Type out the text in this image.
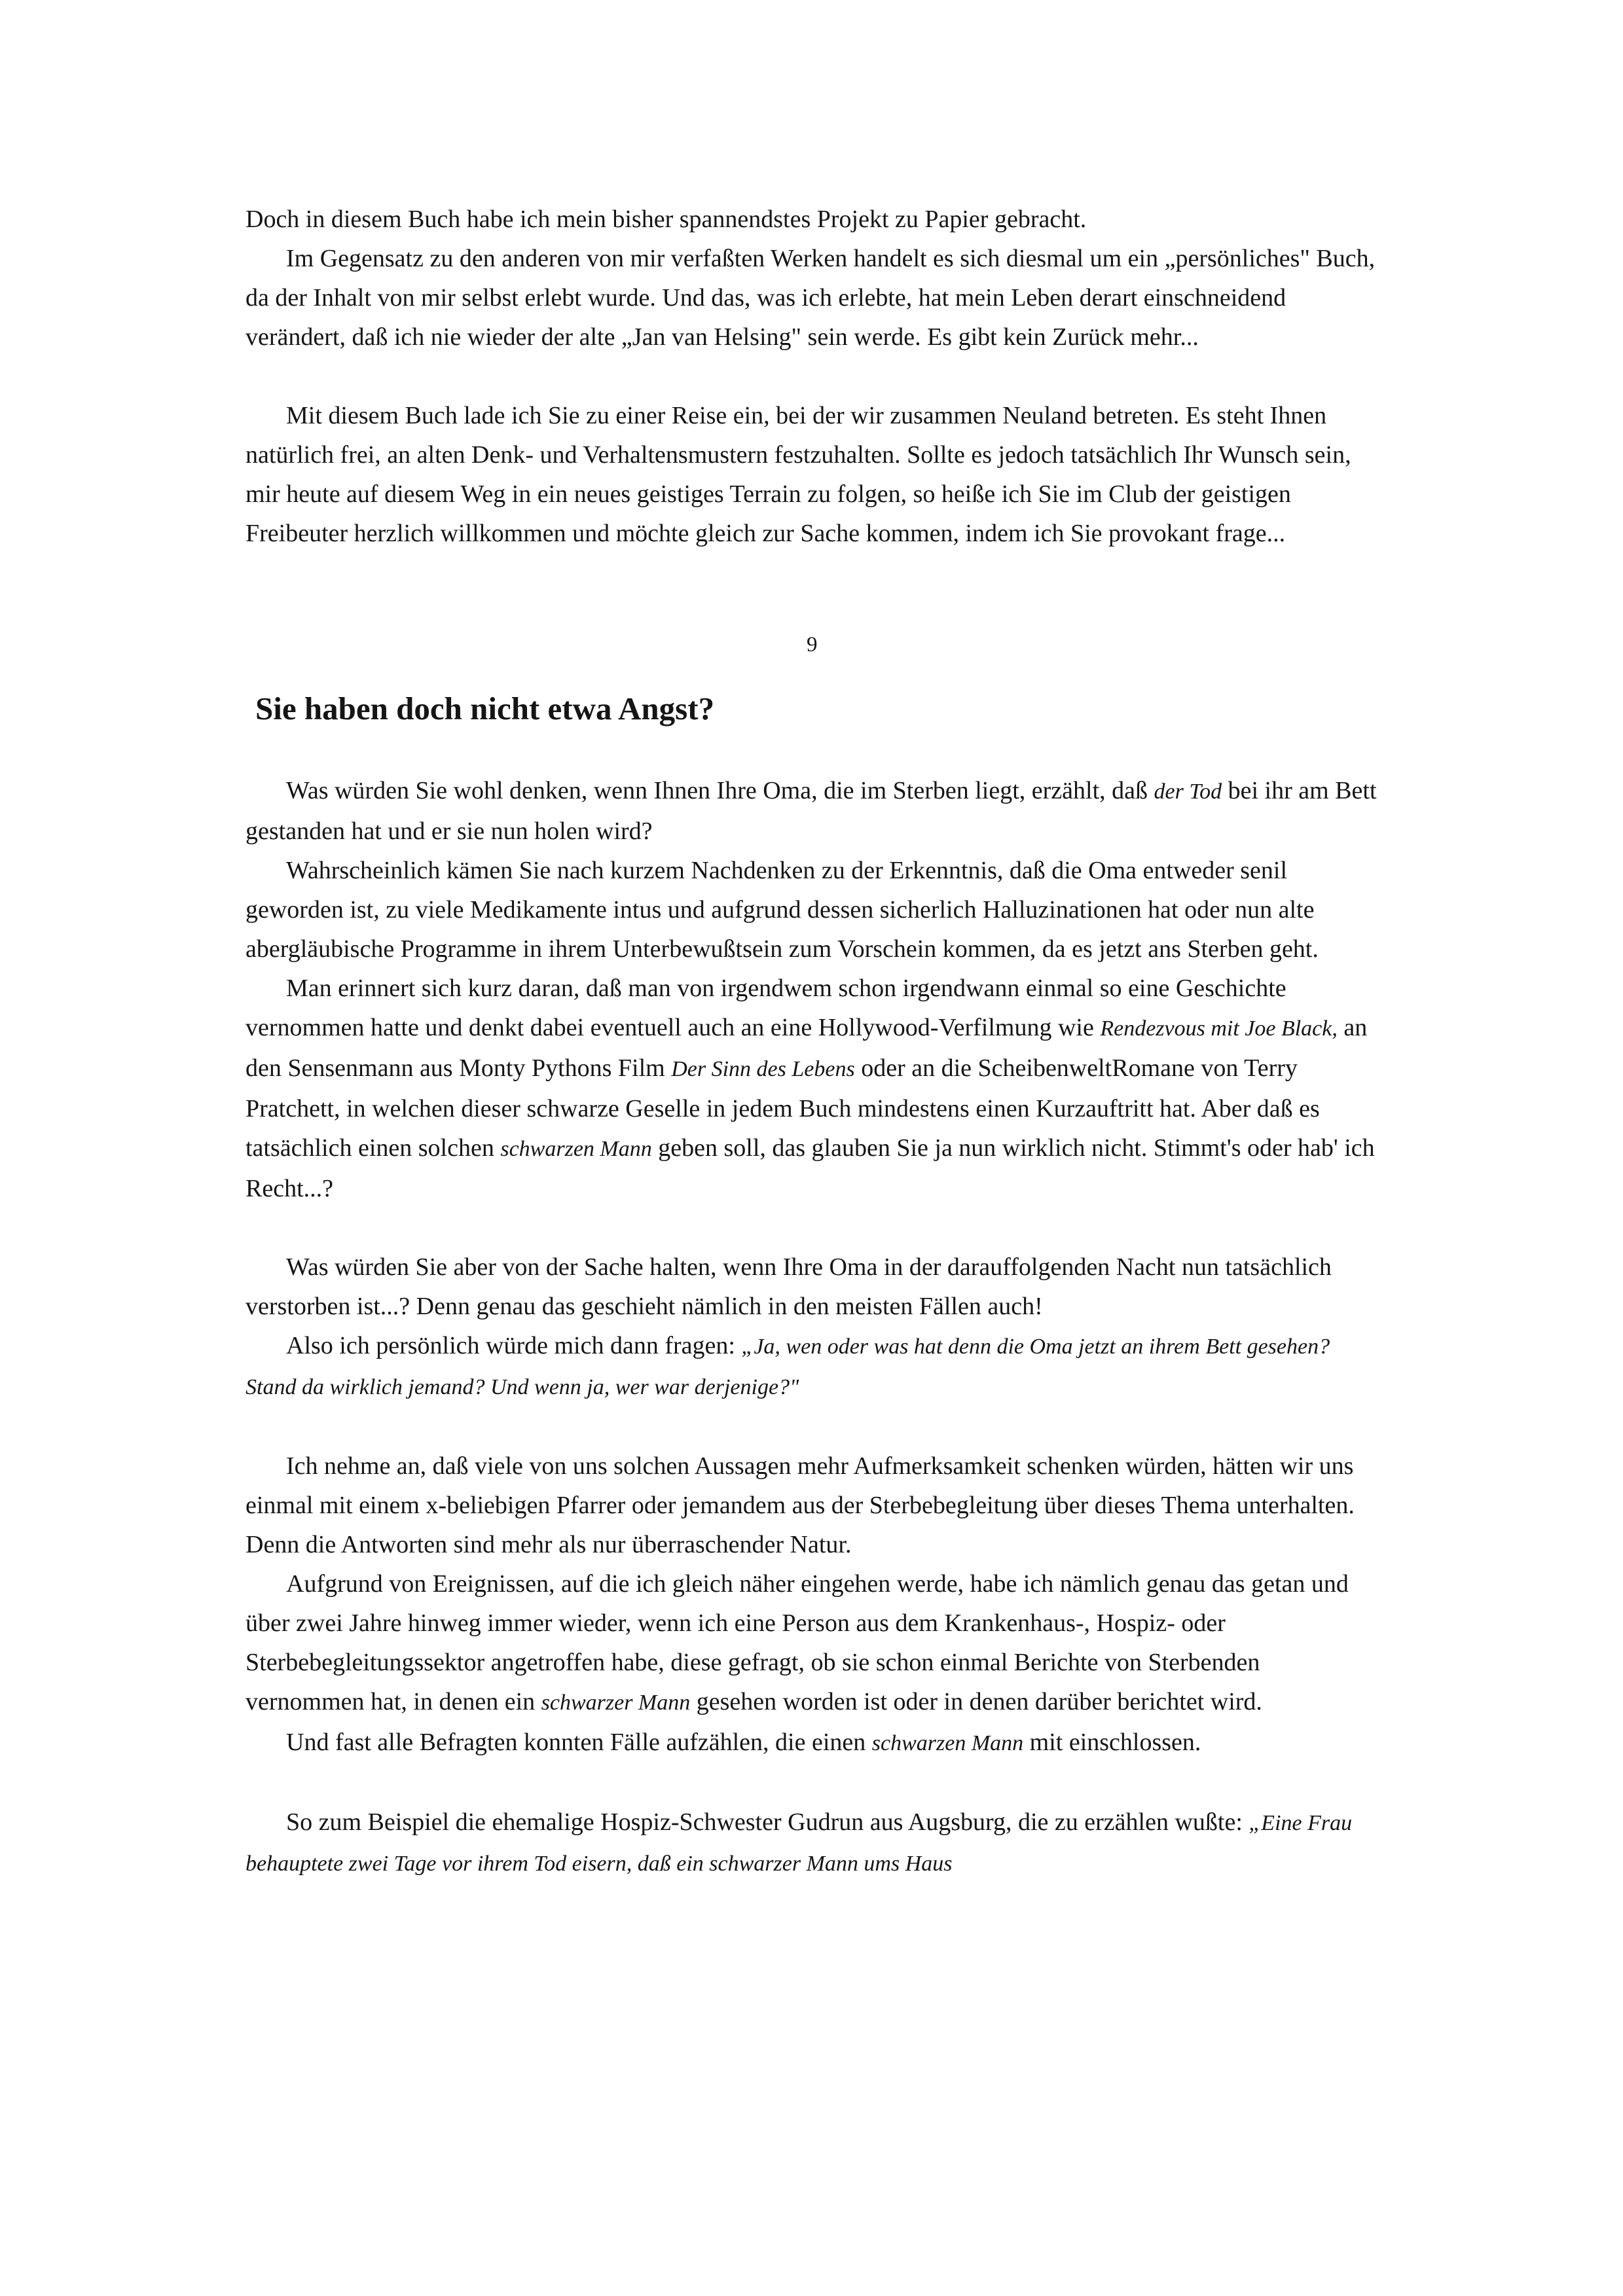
Doch in diesem Buch habe ich mein bisher spannendstes Projekt zu Papier gebracht.

Im Gegensatz zu den anderen von mir verfaßten Werken handelt es sich diesmal um ein „persönliches" Buch, da der Inhalt von mir selbst erlebt wurde. Und das, was ich erlebte, hat mein Leben derart einschneidend verändert, daß ich nie wieder der alte „Jan van Helsing" sein werde. Es gibt kein Zurück mehr...

Mit diesem Buch lade ich Sie zu einer Reise ein, bei der wir zusammen Neuland betreten. Es steht Ihnen natürlich frei, an alten Denk- und Verhaltensmustern festzuhalten. Sollte es jedoch tatsächlich Ihr Wunsch sein, mir heute auf diesem Weg in ein neues geistiges Terrain zu folgen, so heiße ich Sie im Club der geistigen Freibeuter herzlich willkommen und möchte gleich zur Sache kommen, indem ich Sie provokant frage...

9
Sie haben doch nicht etwa Angst?

Was würden Sie wohl denken, wenn Ihnen Ihre Oma, die im Sterben liegt, erzählt, daß der Tod bei ihr am Bett gestanden hat und er sie nun holen wird?

Wahrscheinlich kämen Sie nach kurzem Nachdenken zu der Erkenntnis, daß die Oma entweder senil geworden ist, zu viele Medikamente intus und aufgrund dessen sicherlich Halluzinationen hat oder nun alte abergläubische Programme in ihrem Unterbewußtsein zum Vorschein kommen, da es jetzt ans Sterben geht.

Man erinnert sich kurz daran, daß man von irgendwem schon irgendwann einmal so eine Geschichte vernommen hatte und denkt dabei eventuell auch an eine Hollywood-Verfilmung wie Rendezvous mit Joe Black, an den Sensenmann aus Monty Pythons Film Der Sinn des Lebens oder an die ScheibenweltRomane von Terry Pratchett, in welchen dieser schwarze Geselle in jedem Buch mindestens einen Kurzauftritt hat. Aber daß es tatsächlich einen solchen schwarzen Mann geben soll, das glauben Sie ja nun wirklich nicht. Stimmt's oder hab' ich Recht...?

Was würden Sie aber von der Sache halten, wenn Ihre Oma in der darauffolgenden Nacht nun tatsächlich verstorben ist...? Denn genau das geschieht nämlich in den meisten Fällen auch!

Also ich persönlich würde mich dann fragen: „Ja, wen oder was hat denn die Oma jetzt an ihrem Bett gesehen? Stand da wirklich jemand? Und wenn ja, wer war derjenige?"

Ich nehme an, daß viele von uns solchen Aussagen mehr Aufmerksamkeit schenken würden, hätten wir uns einmal mit einem x-beliebigen Pfarrer oder jemandem aus der Sterbebegleitung über dieses Thema unterhalten. Denn die Antworten sind mehr als nur überraschender Natur.

Aufgrund von Ereignissen, auf die ich gleich näher eingehen werde, habe ich nämlich genau das getan und über zwei Jahre hinweg immer wieder, wenn ich eine Person aus dem Krankenhaus-, Hospiz- oder Sterbebegleitungssektor angetroffen habe, diese gefragt, ob sie schon einmal Berichte von Sterbenden vernommen hat, in denen ein schwarzer Mann gesehen worden ist oder in denen darüber berichtet wird.

Und fast alle Befragten konnten Fälle aufzählen, die einen schwarzen Mann mit einschlossen.

So zum Beispiel die ehemalige Hospiz-Schwester Gudrun aus Augsburg, die zu erzählen wußte: „Eine Frau behauptete zwei Tage vor ihrem Tod eisern, daß ein schwarzer Mann ums Haus
